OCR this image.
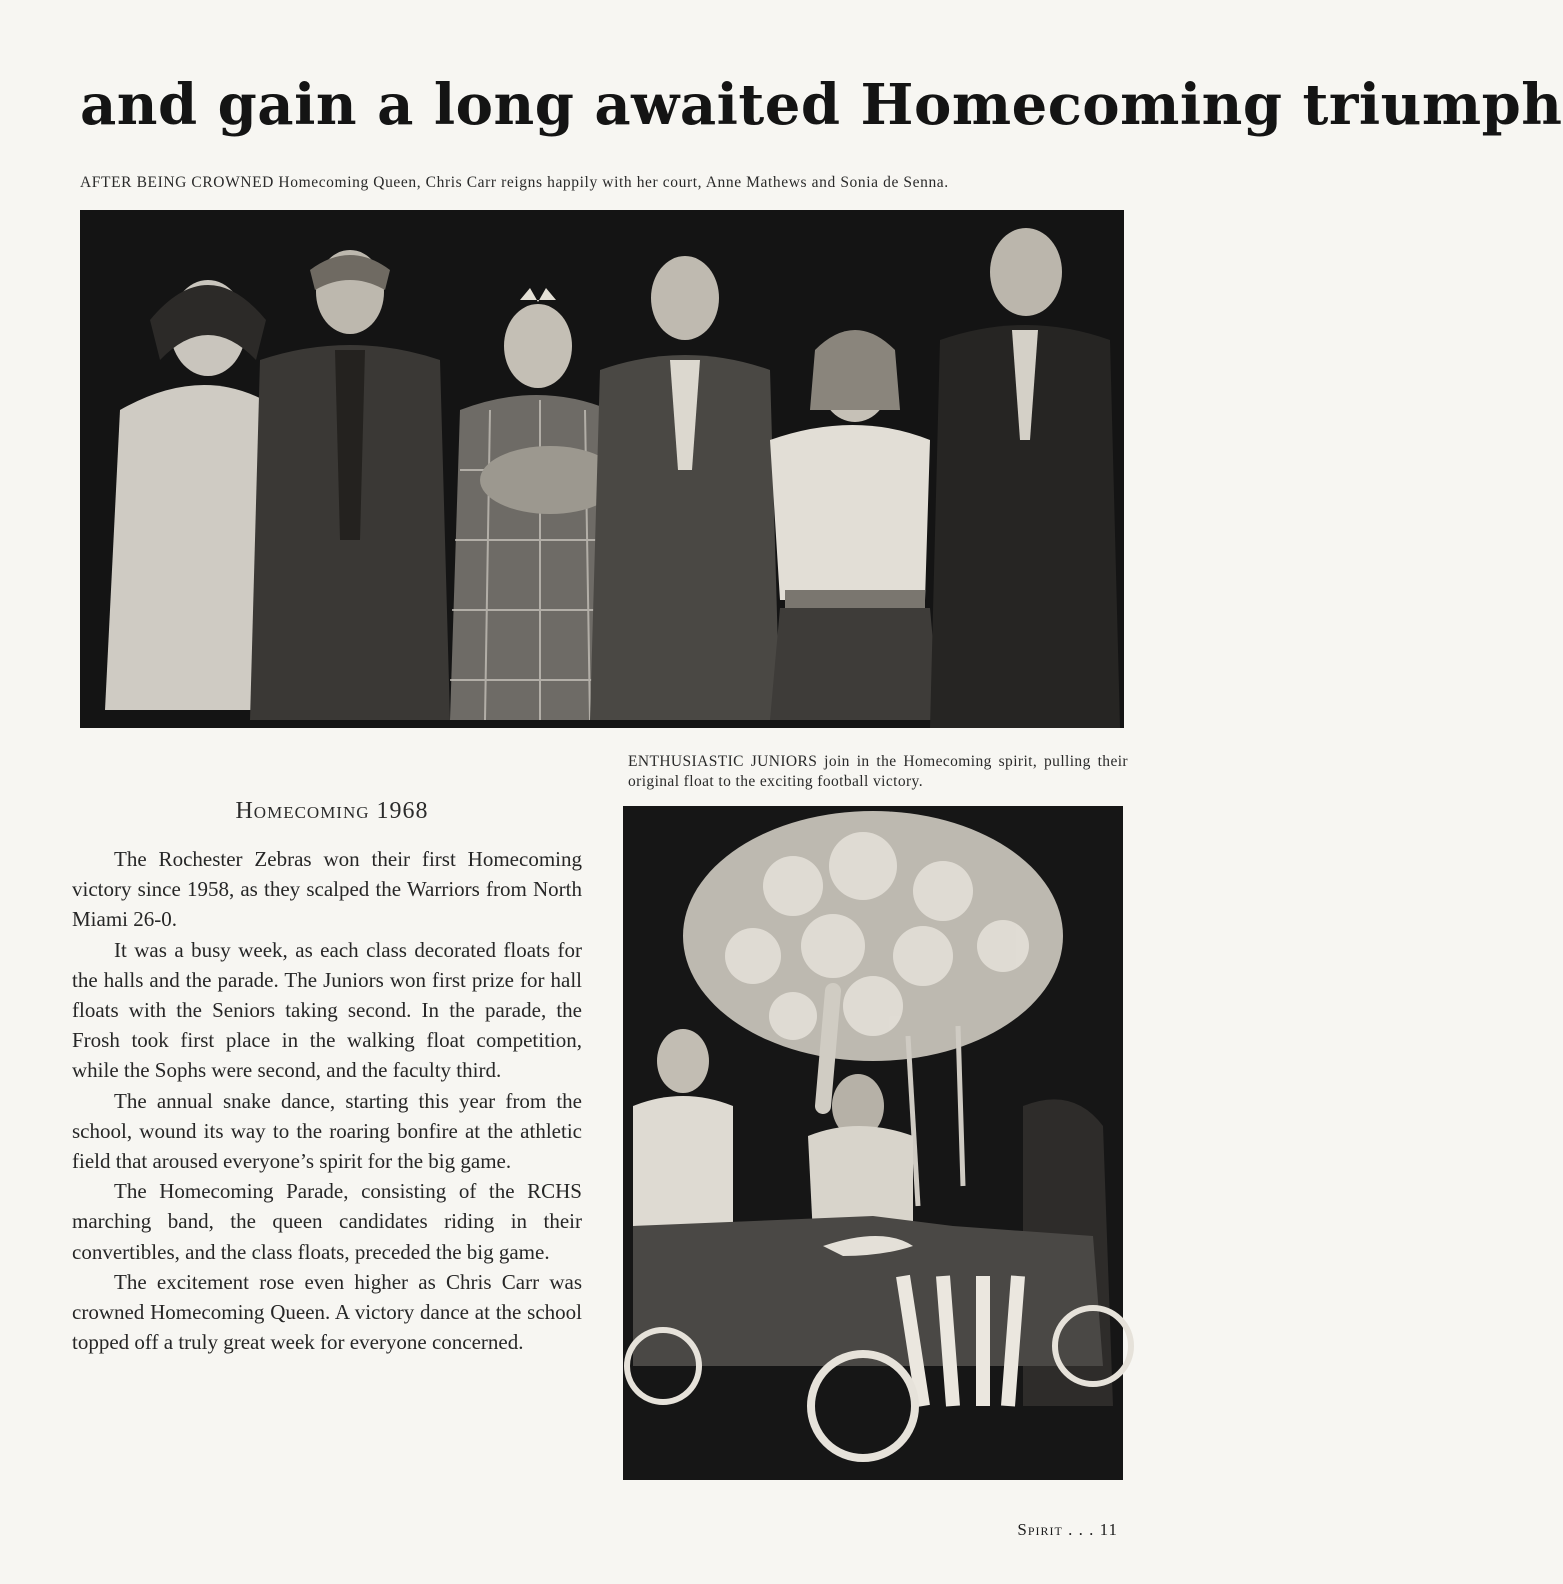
and gain a long awaited Homecoming triumph
AFTER BEING CROWNED Homecoming Queen, Chris Carr reigns happily with her court, Anne Mathews and Sonia de Senna.
ENTHUSIASTIC JUNIORS join in the Homecoming spirit, pulling their original float to the exciting football victory.
Homecoming 1968

The Rochester Zebras won their first Homecoming victory since 1958, as they scalped the Warriors from North Miami 26-0.

It was a busy week, as each class decorated floats for the halls and the parade. The Juniors won first prize for hall floats with the Seniors taking second. In the parade, the Frosh took first place in the walking float competition, while the Sophs were second, and the faculty third.

The annual snake dance, starting this year from the school, wound its way to the roaring bonfire at the athletic field that aroused everyone’s spirit for the big game.

The Homecoming Parade, consisting of the RCHS marching band, the queen candidates riding in their convertibles, and the class floats, preceded the big game.

The excitement rose even higher as Chris Carr was crowned Homecoming Queen. A victory dance at the school topped off a truly great week for everyone concerned.

Spirit . . . 11
